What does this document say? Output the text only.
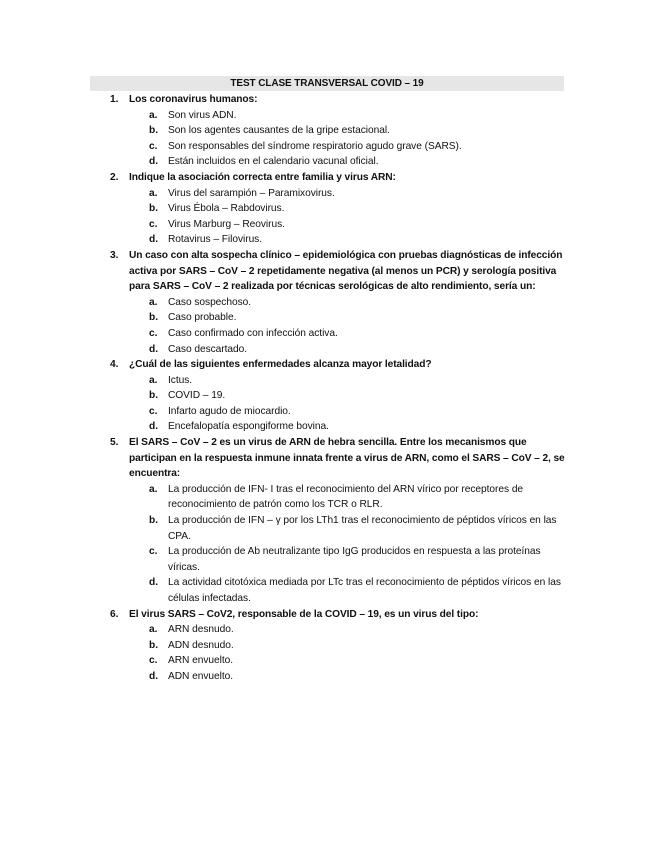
TEST CLASE TRANSVERSAL COVID – 19
1.	Los coronavirus humanos:
a. Son virus ADN.
b. Son los agentes causantes de la gripe estacional.
c. Son responsables del síndrome respiratorio agudo grave (SARS).
d. Están incluidos en el calendario vacunal oficial.
2.	Indique la asociación correcta entre familia y virus ARN:
a. Virus del sarampión – Paramixovirus.
b. Virus Ébola – Rabdovirus.
c. Virus Marburg – Reovirus.
d. Rotavirus – Filovirus.
3.	Un caso con alta sospecha clínico – epidemiológica con pruebas diagnósticas de infección activa por SARS – CoV – 2 repetidamente negativa (al menos un PCR) y serología positiva para SARS – CoV – 2 realizada por técnicas serológicas de alto rendimiento, sería un:
a. Caso sospechoso.
b. Caso probable.
c. Caso confirmado con infección activa.
d. Caso descartado.
4.	¿Cuál de las siguientes enfermedades alcanza mayor letalidad?
a. Ictus.
b. COVID – 19.
c. Infarto agudo de miocardio.
d. Encefalopatía espongiforme bovina.
5.	El SARS – CoV – 2 es un virus de ARN de hebra sencilla. Entre los mecanismos que participan en la respuesta inmune innata frente a virus de ARN, como el SARS – CoV – 2, se encuentra:
a. La producción de IFN- I tras el reconocimiento del ARN vírico por receptores de reconocimiento de patrón como los TCR o RLR.
b. La producción de IFN – γ por los LTh1 tras el reconocimiento de péptidos víricos en las CPA.
c. La producción de Ab neutralizante tipo IgG producidos en respuesta a las proteínas víricas.
d. La actividad citotóxica mediada por LTc tras el reconocimiento de péptidos víricos en las células infectadas.
6.	El virus SARS – CoV2, responsable de la COVID – 19, es un virus del tipo:
a. ARN desnudo.
b. ADN desnudo.
c. ARN envuelto.
d. ADN envuelto.
